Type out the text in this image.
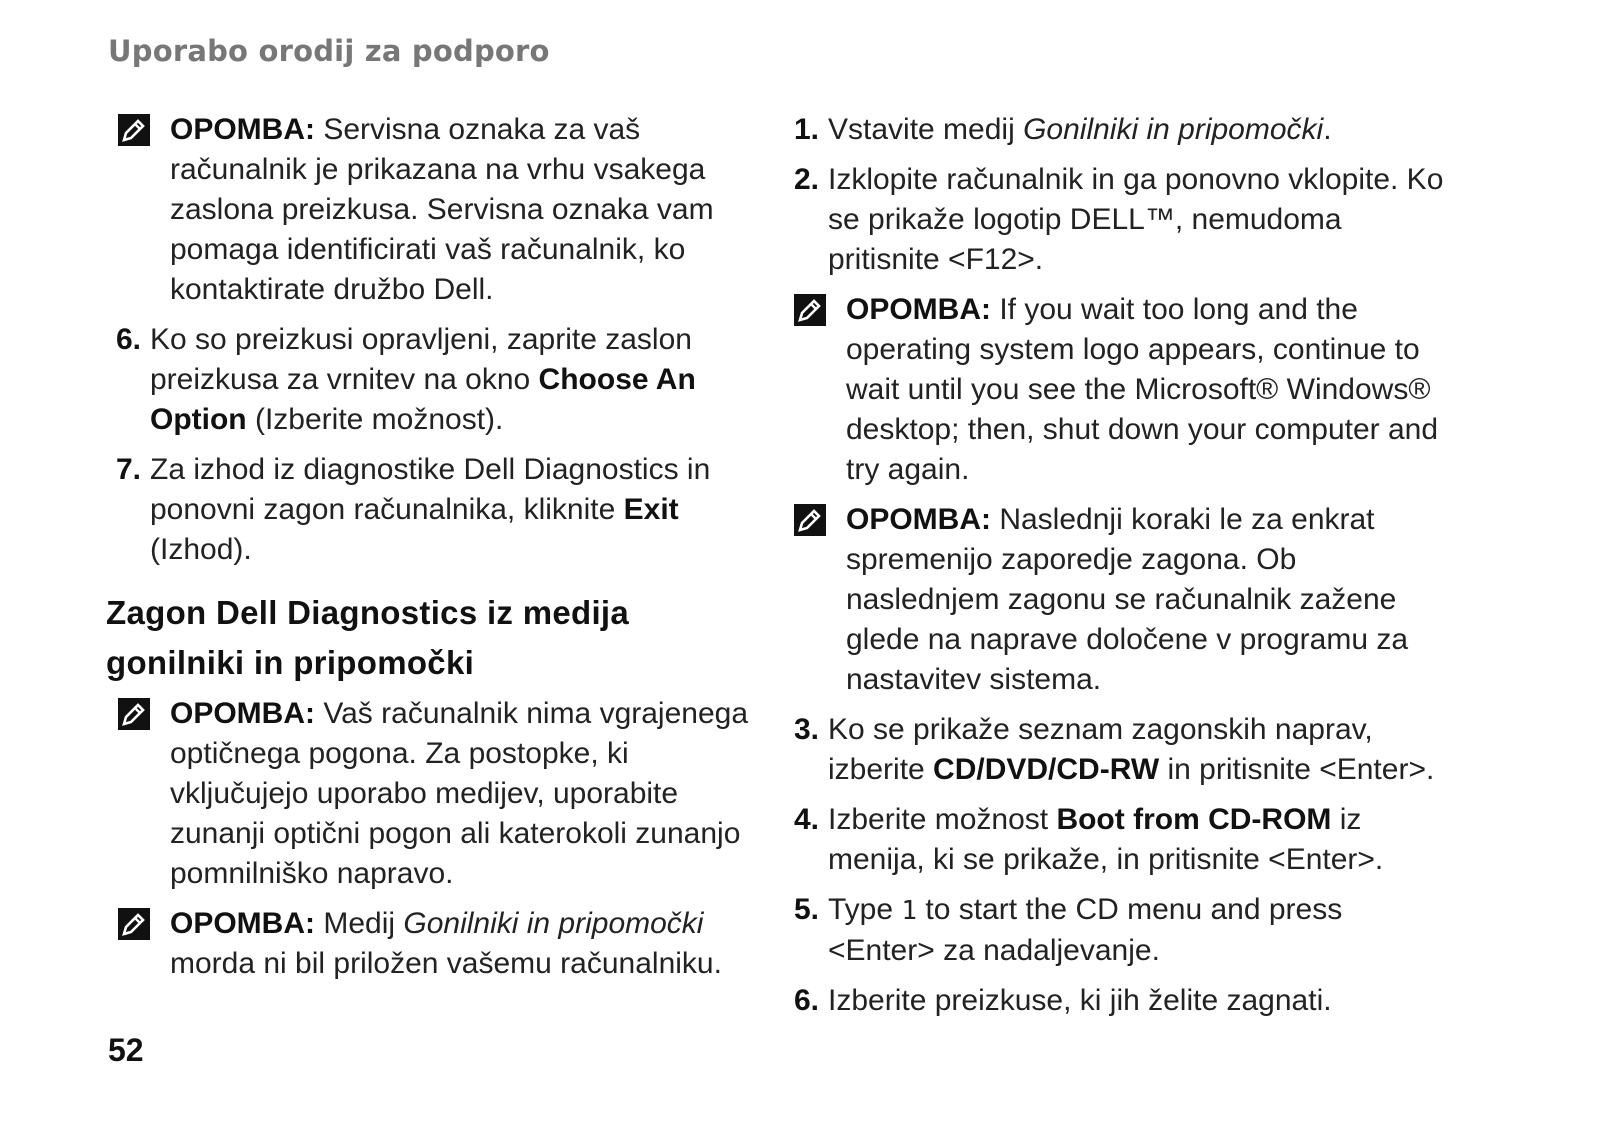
Uporabo orodij za podporo
OPOMBA: Servisna oznaka za vaš računalnik je prikazana na vrhu vsakega zaslona preizkusa. Servisna oznaka vam pomaga identificirati vaš računalnik, ko kontaktirate družbo Dell.
6. Ko so preizkusi opravljeni, zaprite zaslon preizkusa za vrnitev na okno Choose An Option (Izberite možnost).
7. Za izhod iz diagnostike Dell Diagnostics in ponovni zagon računalnika, kliknite Exit (Izhod).
Zagon Dell Diagnostics iz medija gonilniki in pripomočki
OPOMBA: Vaš računalnik nima vgrajenega optičnega pogona. Za postopke, ki vključujejo uporabo medijev, uporabite zunanji optični pogon ali katerokoli zunanjo pomnilniško napravo.
OPOMBA: Medij Gonilniki in pripomočki morda ni bil priložen vašemu računalniku.
1. Vstavite medij Gonilniki in pripomočki.
2. Izklopite računalnik in ga ponovno vklopite. Ko se prikaže logotip DELL™, nemudoma pritisnite <F12>.
OPOMBA: If you wait too long and the operating system logo appears, continue to wait until you see the Microsoft® Windows® desktop; then, shut down your computer and try again.
OPOMBA: Naslednji koraki le za enkrat spremenijo zaporedje zagona. Ob naslednjem zagonu se računalnik zažene glede na naprave določene v programu za nastavitev sistema.
3. Ko se prikaže seznam zagonskih naprav, izberite CD/DVD/CD-RW in pritisnite <Enter>.
4. Izberite možnost Boot from CD-ROM iz menija, ki se prikaže, in pritisnite <Enter>.
5. Type 1 to start the CD menu and press <Enter> za nadaljevanje.
6. Izberite preizkuse, ki jih želite zagnati.
52
